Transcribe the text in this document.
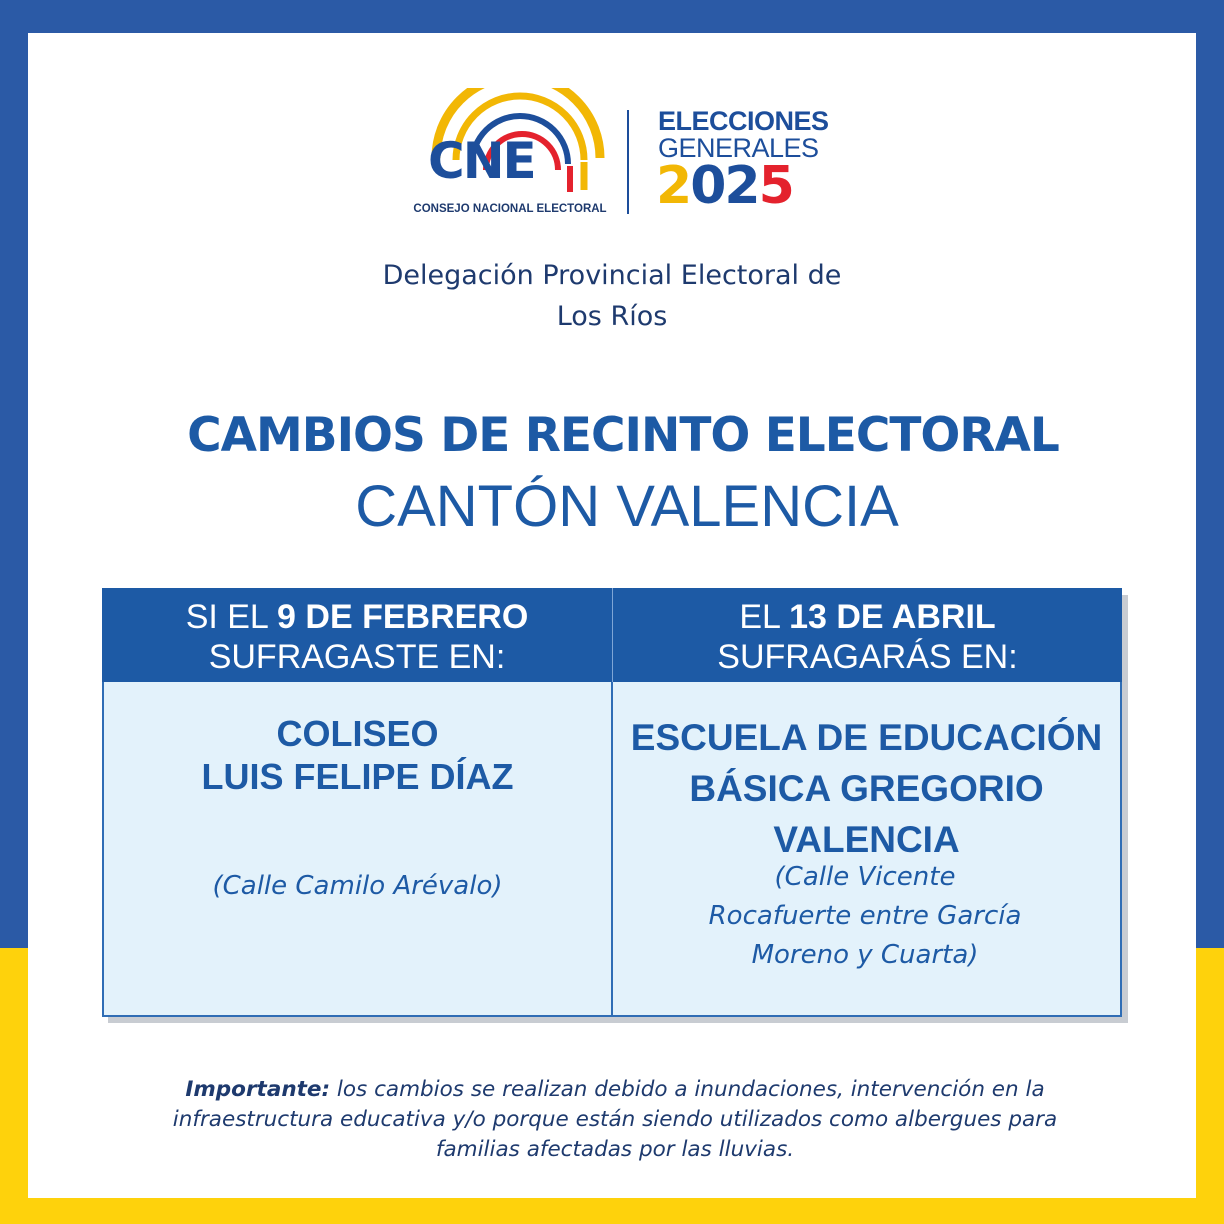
CNE
CONSEJO NACIONAL ELECTORAL
ELECCIONES
GENERALES
2025
Delegación Provincial Electoral de
Los Ríos
CAMBIOS DE RECINTO ELECTORAL
CANTÓN VALENCIA
SI EL 9 DE FEBRERO
SUFRAGASTE EN:
EL 13 DE ABRIL
SUFRAGARÁS EN:
COLISEO
LUIS FELIPE DÍAZ
(Calle Camilo Arévalo)
ESCUELA DE EDUCACIÓN
BÁSICA GREGORIO
VALENCIA
(Calle Vicente
Rocafuerte entre García
Moreno y Cuarta)
Importante: los cambios se realizan debido a inundaciones, intervención en la
infraestructura educativa y/o porque están siendo utilizados como albergues para
familias afectadas por las lluvias.
